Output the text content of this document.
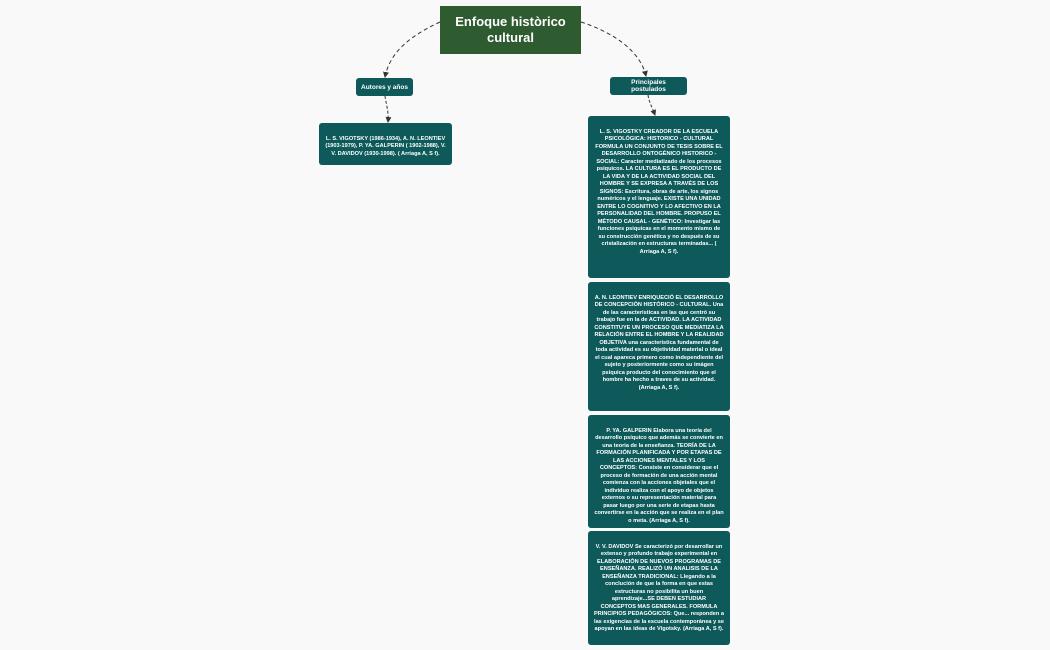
Enfoque històrico cultural
Autores y años
Principales postulados

L. S. VIGOTSKY (1986-1934), A. N. LEONTIEV (1903-1979), P. YA. GALPERIN ( 1902-1988), V. V. DAVIDOV (1930-1998). ( Arriaga A, S f).

L. S. VIGOSTKY CREADOR DE LA ESCUELA PSICOLÓGICA: HISTORICO - CULTURAL FORMULA UN CONJUNTO DE TESIS SOBRE EL DESARROLLO ONTOGÉNICO HISTORICO - SOCIAL: Caracter mediatizado de los procesos psiquicos. LA CULTURA ES EL PRODUCTO DE LA VIDA Y DE LA ACTIVIDAD SOCIAL DEL HOMBRE Y SE EXPRESA A TRAVÉS DE LOS SIGNOS: Escritura, obras de arte, los signos numéricos y el lenguaje. EXISTE UNA UNIDAD ENTRE LO COGNITIVO Y LO AFECTIVO EN LA PERSONALIDAD DEL HOMBRE. PROPUSO EL MÉTODO CAUSAL - GENÉTICO: Investigar las funciones psiquicas en el momento mismo de su construcción genética y no después de su cristalización en estructuras terminadas... ( Arriaga A, S f).

A. N. LEONTIEV ENRIQUECIÓ EL DESARROLLO DE CONCEPCIÓN HISTÓRICO - CULTURAL. Una de las caracteristicas en las que centró su trabajo fue en la de ACTIVIDAD. LA ACTIVIDAD CONSTITUYE UN PROCESO QUE MEDIATIZA LA RELACIÓN ENTRE EL HOMBRE Y LA REALIDAD OBJETIVA una caracteristica fundamental de toda actividad es su objetividad material o ideal el cual apareca primero como independiente del sujeto y posteriormente como su imágen psíquica producto del conocimiento que el hombre ha hecho a traves de su actividad. (Arriaga A, S f).

P. YA. GALPERIN Elabora una teoría del desarrollo psíquico que además se convierte en una teoria de la enseñanza. TEORÍA DE LA FORMACIÓN PLANIFICADA Y POR ETAPAS DE LAS ACCIONES MENTALES Y LOS CONCEPTOS: Consiste en considerar que el proceso de formación de una acción mental comienza con la acciones objetales que el individuo realiza con el apoyo de objetos externos o su representación material para pasar luego por una serie de etapas hasta convertirse en la acción que se realiza en el plan o meta. (Arriaga A, S f).

V. V. DAVIDOV Se caracterizó por desarrollar un extenso y profundo trabajo experimental en ELABORACIÓN DE NUEVOS PROGRAMAS DE ENSEÑANZA. REALIZÓ UN ANALISIS DE LA ENSEÑANZA TRADICIONAL: Llegando a la conclución de que la forma en que estas estructuras no posibilita un buen aprendizaje...SE DEBEN ESTUDIAR CONCEPTOS MAS GENERALES. FORMULA PRINCIPIOS PEDAGÓGICOS: Que... responden a las exigencias de la escuela contemporánea y se apoyan en las ideas de Vigotsky. (Arriaga A, S f).
